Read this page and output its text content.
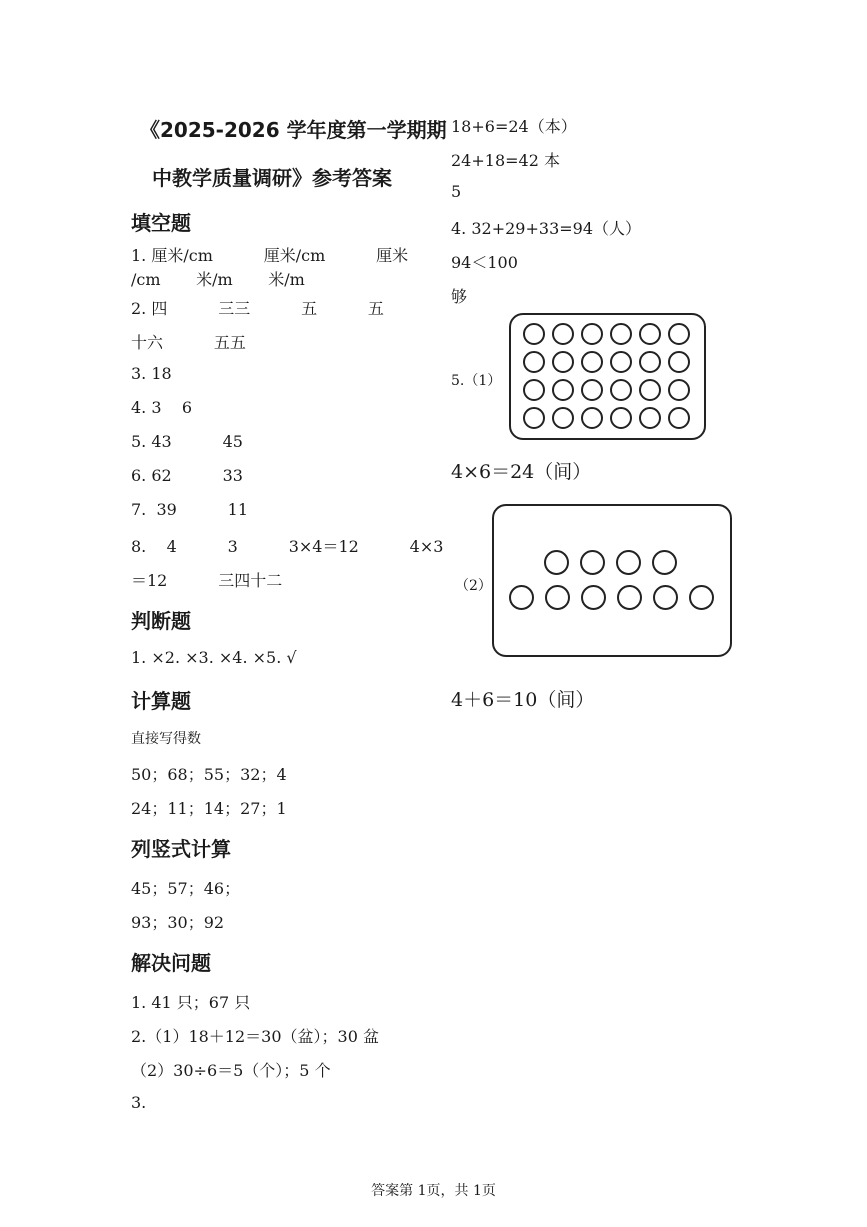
《2025-2026 学年度第一学期期
中教学质量调研》参考答案
填空题
1. 厘米/cm          厘米/cm          厘米
/cm       米/m       米/m
2. 四          三三          五          五
十六          五五
3. 18
4. 3    6
5. 43          45
6. 62          33
7.  39          11
8.    4          3          3×4＝12          4×3
＝12          三四十二
判断题
1. ×2. ×3. ×4. ×5. √
计算题
直接写得数
50；68；55；32；4
24；11；14；27；1
列竖式计算
45；57；46；
93；30；92
解决问题
1. 41 只；67 只
2.（1）18＋12＝30（盆）；30 盆
（2）30÷6＝5（个）；5 个
3.
18+6=24（本）
24+18=42 本
5
4. 32+29+33=94（人）
94＜100
够
5.（1）
4×6＝24（间）
（2）
4＋6＝10（间）
答案第 1页，共 1页
